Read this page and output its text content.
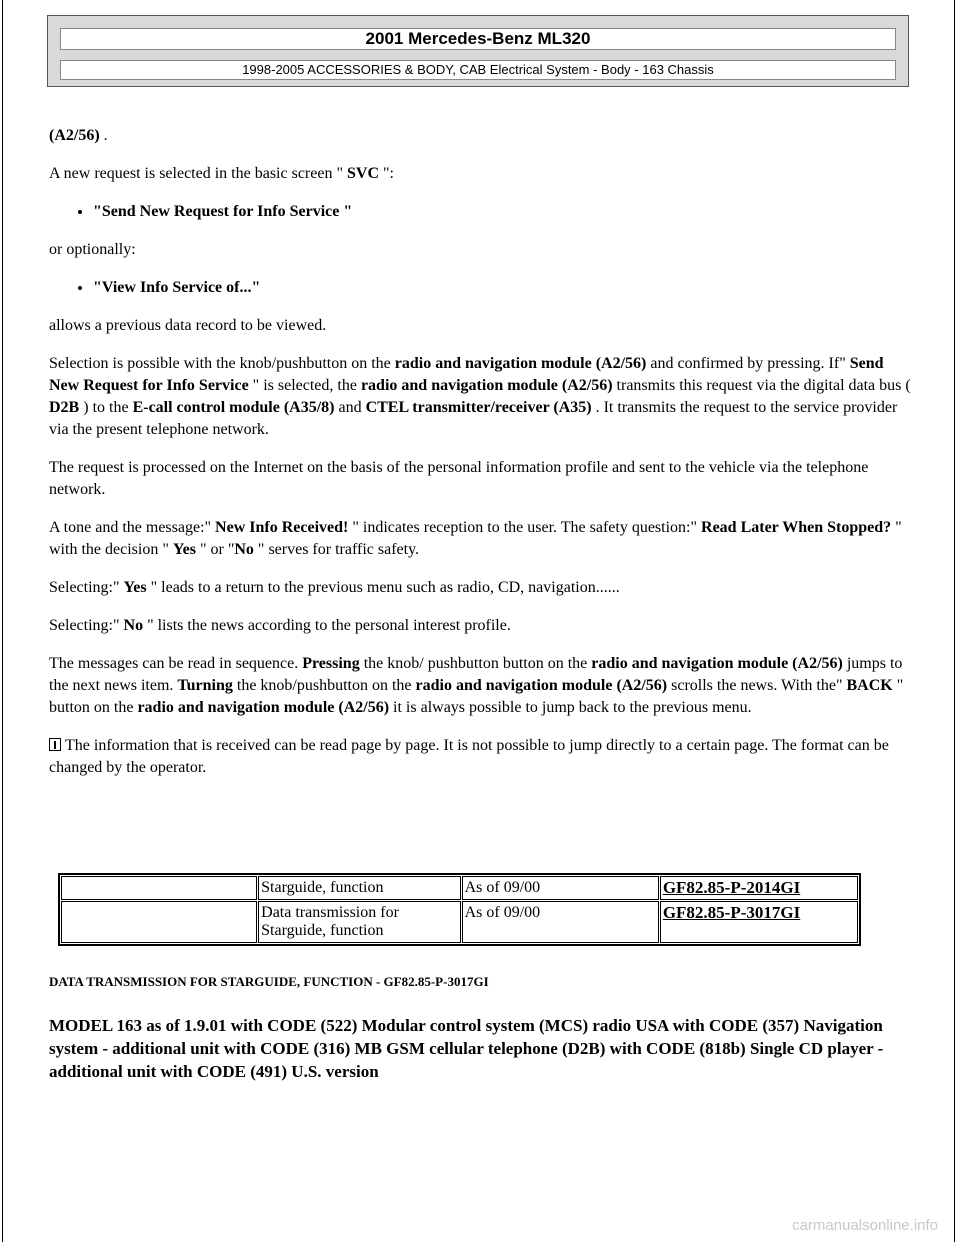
2001 Mercedes-Benz ML320
1998-2005 ACCESSORIES & BODY, CAB Electrical System - Body - 163 Chassis

(A2/56) .

A new request is selected in the basic screen " SVC ":

• "Send New Request for Info Service "

or optionally:

• "View Info Service of..."

allows a previous data record to be viewed.

Selection is possible with the knob/pushbutton on the radio and navigation module (A2/56) and confirmed by pressing. If" Send New Request for Info Service " is selected, the radio and navigation module (A2/56) transmits this request via the digital data bus ( D2B ) to the E-call control module (A35/8) and CTEL transmitter/receiver (A35) . It transmits the request to the service provider via the present telephone network.

The request is processed on the Internet on the basis of the personal information profile and sent to the vehicle via the telephone network.

A tone and the message:" New Info Received! " indicates reception to the user. The safety question:" Read Later When Stopped? " with the decision " Yes " or "No " serves for traffic safety.

Selecting:" Yes " leads to a return to the previous menu such as radio, CD, navigation......

Selecting:" No " lists the news according to the personal interest profile.

The messages can be read in sequence. Pressing the knob/ pushbutton button on the radio and navigation module (A2/56) jumps to the next news item. Turning the knob/pushbutton on the radio and navigation module (A2/56) scrolls the news. With the" BACK " button on the radio and navigation module (A2/56) it is always possible to jump back to the previous menu.

The information that is received can be read page by page. It is not possible to jump directly to a certain page. The format can be changed by the operator.

	Starguide, function	As of 09/00	GF82.85-P-2014GI
	Data transmission for Starguide, function	As of 09/00	GF82.85-P-3017GI
DATA TRANSMISSION FOR STARGUIDE, FUNCTION - GF82.85-P-3017GI
MODEL 163 as of 1.9.01 with CODE (522) Modular control system (MCS) radio USA with CODE (357) Navigation system - additional unit with CODE (316) MB GSM cellular telephone (D2B) with CODE (818b) Single CD player - additional unit with CODE (491) U.S. version
carmanualsonline.info
